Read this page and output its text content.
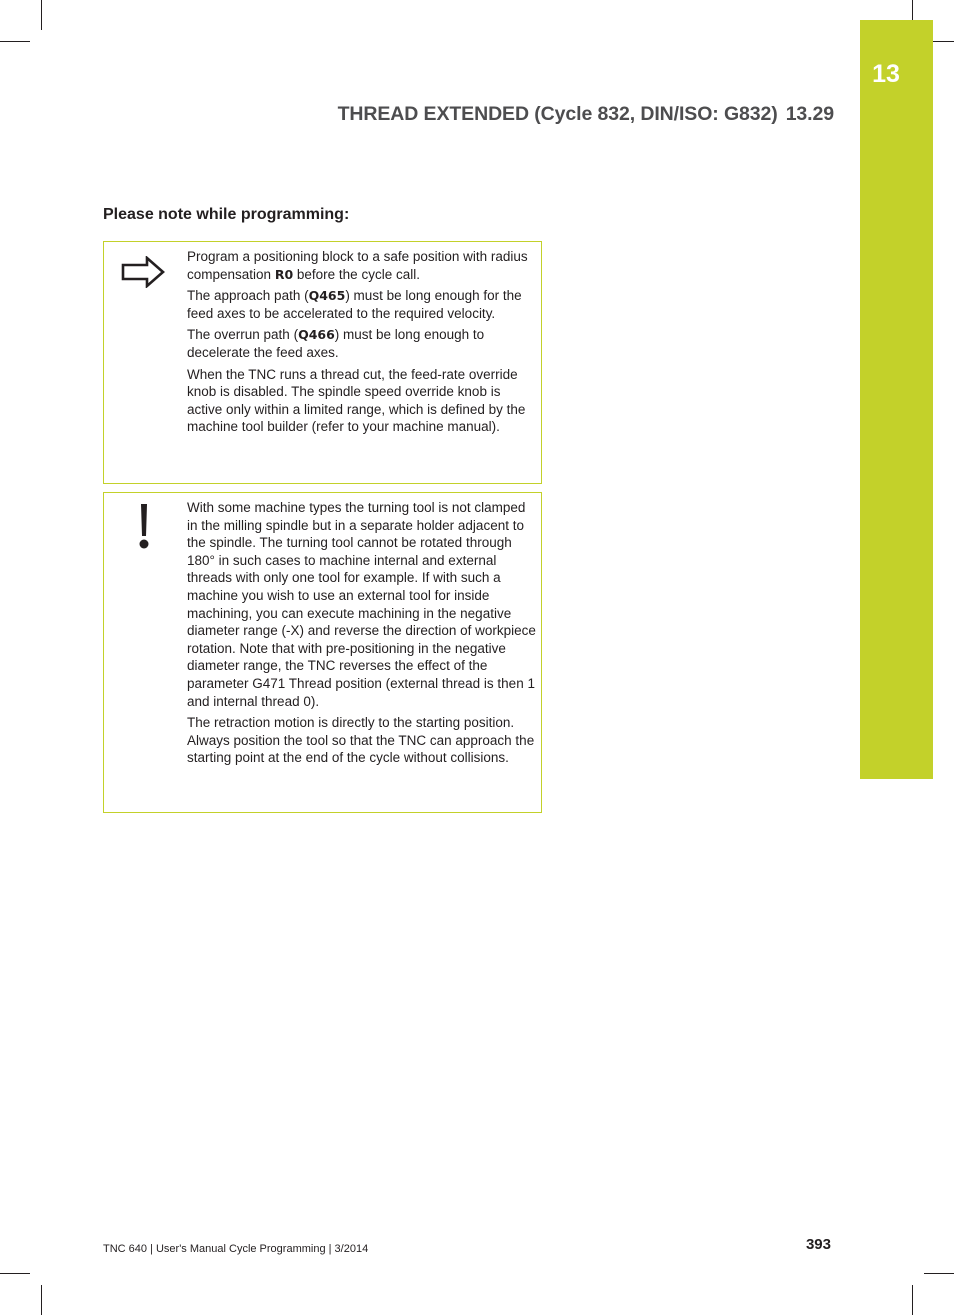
13
THREAD EXTENDED (Cycle 832, DIN/ISO: G832) 13.29
Please note while programming:

Program a positioning block to a safe position with radius compensation R0 before the cycle call.

The approach path (Q465) must be long enough for the feed axes to be accelerated to the required velocity.

The overrun path (Q466) must be long enough to decelerate the feed axes.

When the TNC runs a thread cut, the feed-rate override knob is disabled. The spindle speed override knob is active only within a limited range, which is defined by the machine tool builder (refer to your machine manual).

With some machine types the turning tool is not clamped in the milling spindle but in a separate holder adjacent to the spindle. The turning tool cannot be rotated through 180° in such cases to machine internal and external threads with only one tool for example. If with such a machine you wish to use an external tool for inside machining, you can execute machining in the negative diameter range (-X) and reverse the direction of workpiece rotation. Note that with pre-positioning in the negative diameter range, the TNC reverses the effect of the parameter G471 Thread position (external thread is then 1 and internal thread 0).

The retraction motion is directly to the starting position. Always position the tool so that the TNC can approach the starting point at the end of the cycle without collisions.

TNC 640 | User's Manual Cycle Programming | 3/2014	393
